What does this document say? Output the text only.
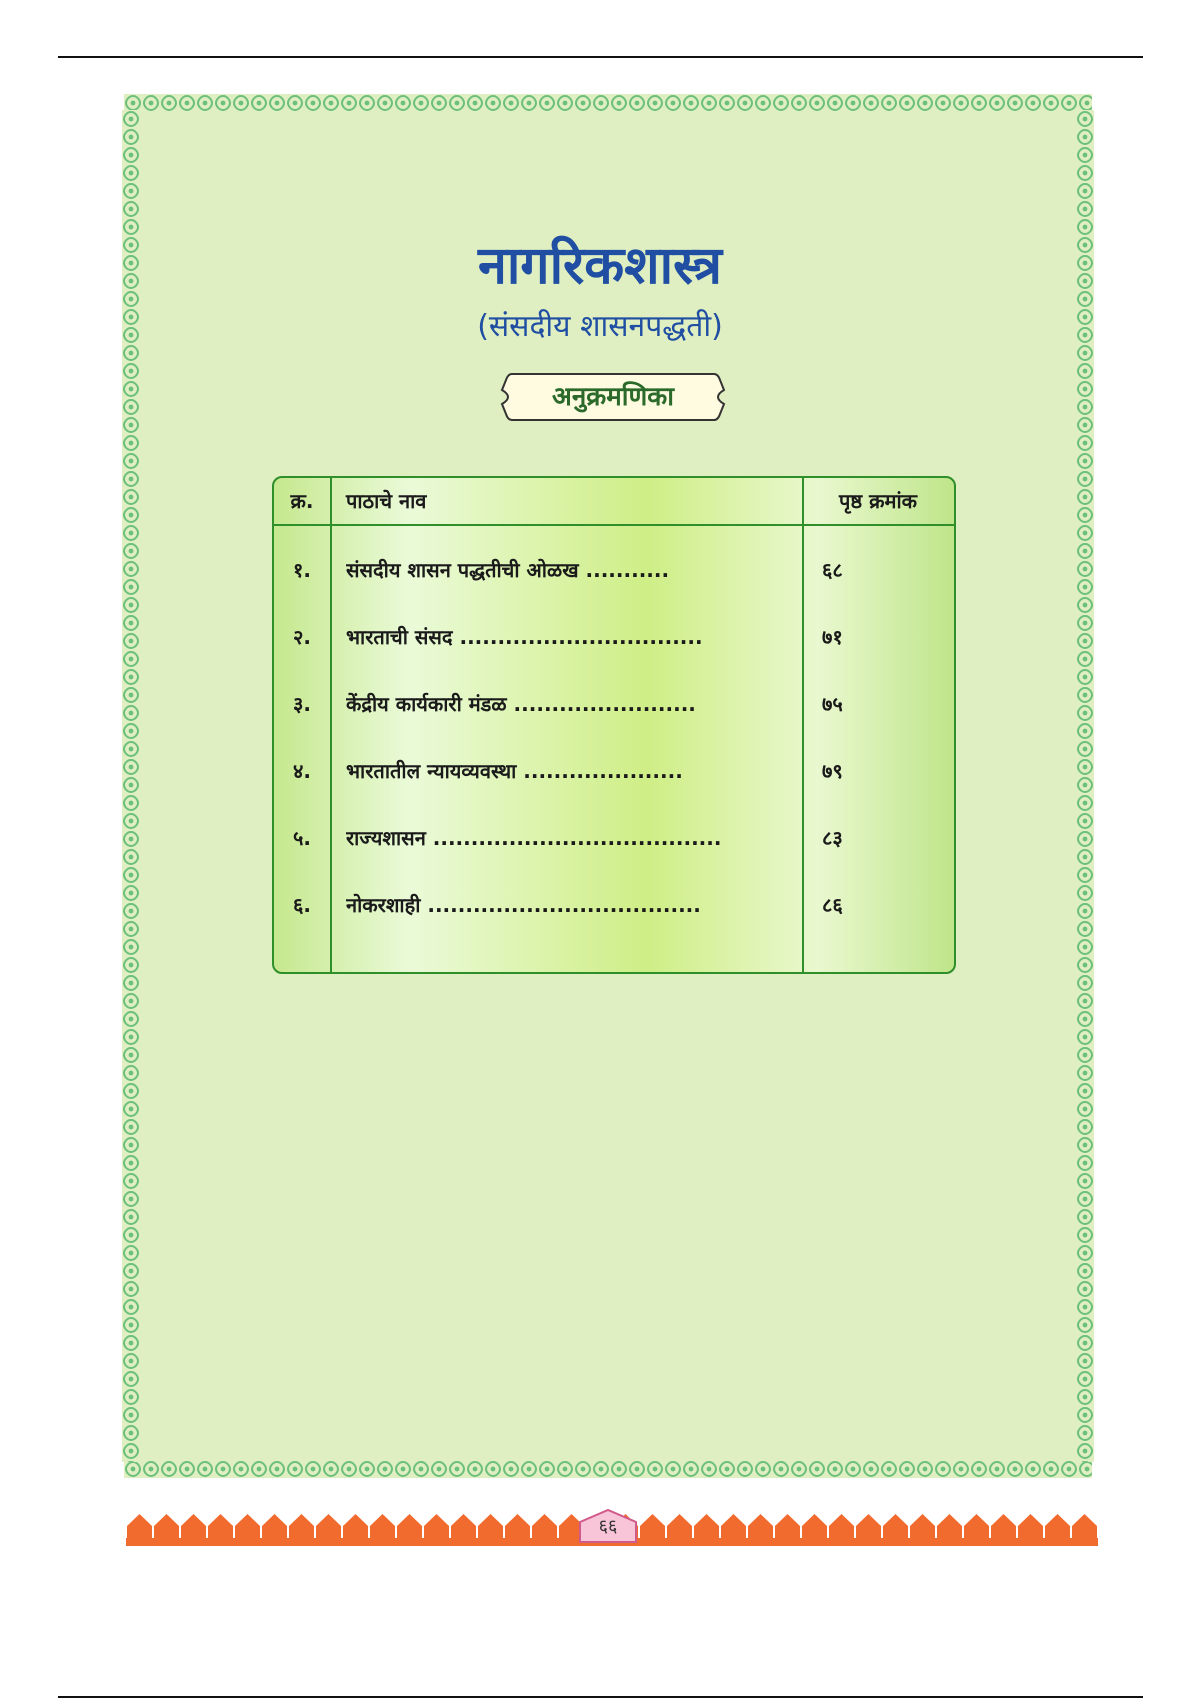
नागरिकशास्त्र
(संसदीय शासनपद्धती)
अनुक्रमणिका
क्र.	पाठाचे नाव	पृष्ठ क्रमांक
१.	संसदीय शासन पद्धतीची ओळख ...........	६८
२.	भारताची संसद ................................	७१
३.	केंद्रीय कार्यकारी मंडळ ........................	७५
४.	भारतातील न्यायव्यवस्था .....................	७९
५.	राज्यशासन ......................................	८३
६.	नोकरशाही ....................................	८६
६६
